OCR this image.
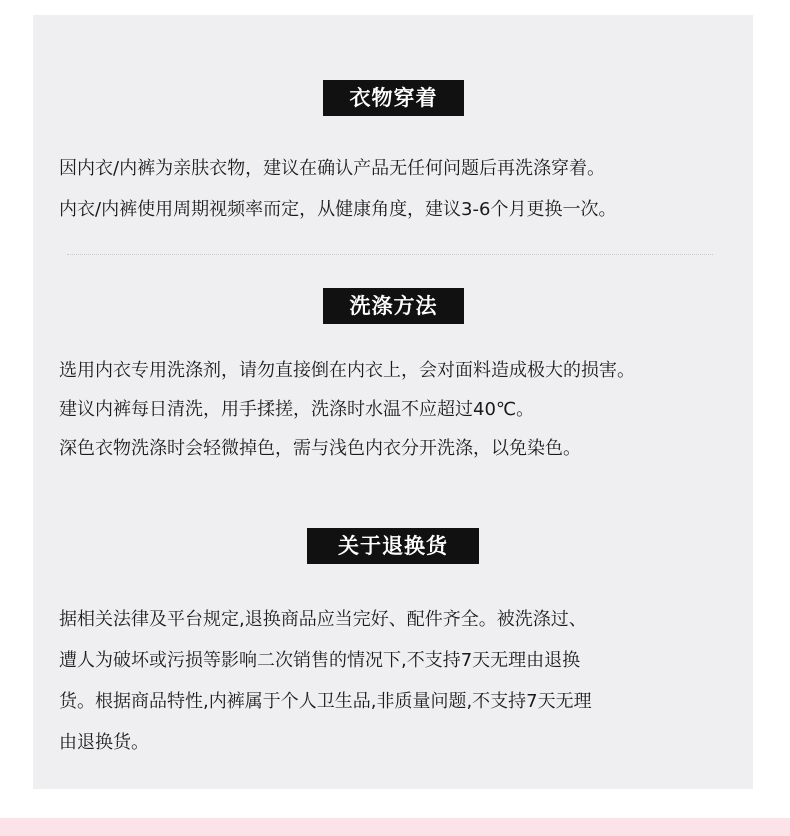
衣物穿着

因内衣/内裤为亲肤衣物，建议在确认产品无任何问题后再洗涤穿着。
内衣/内裤使用周期视频率而定，从健康角度，建议3-6个月更换一次。

洗涤方法

选用内衣专用洗涤剂，请勿直接倒在内衣上，会对面料造成极大的损害。
建议内裤每日清洗，用手揉搓，洗涤时水温不应超过40℃。
深色衣物洗涤时会轻微掉色，需与浅色内衣分开洗涤，以免染色。

关于退换货

据相关法律及平台规定,退换商品应当完好、配件齐全。被洗涤过、
遭人为破坏或污损等影响二次销售的情况下,不支持7天无理由退换
货。根据商品特性,内裤属于个人卫生品,非质量问题,不支持7天无理
由退换货。
